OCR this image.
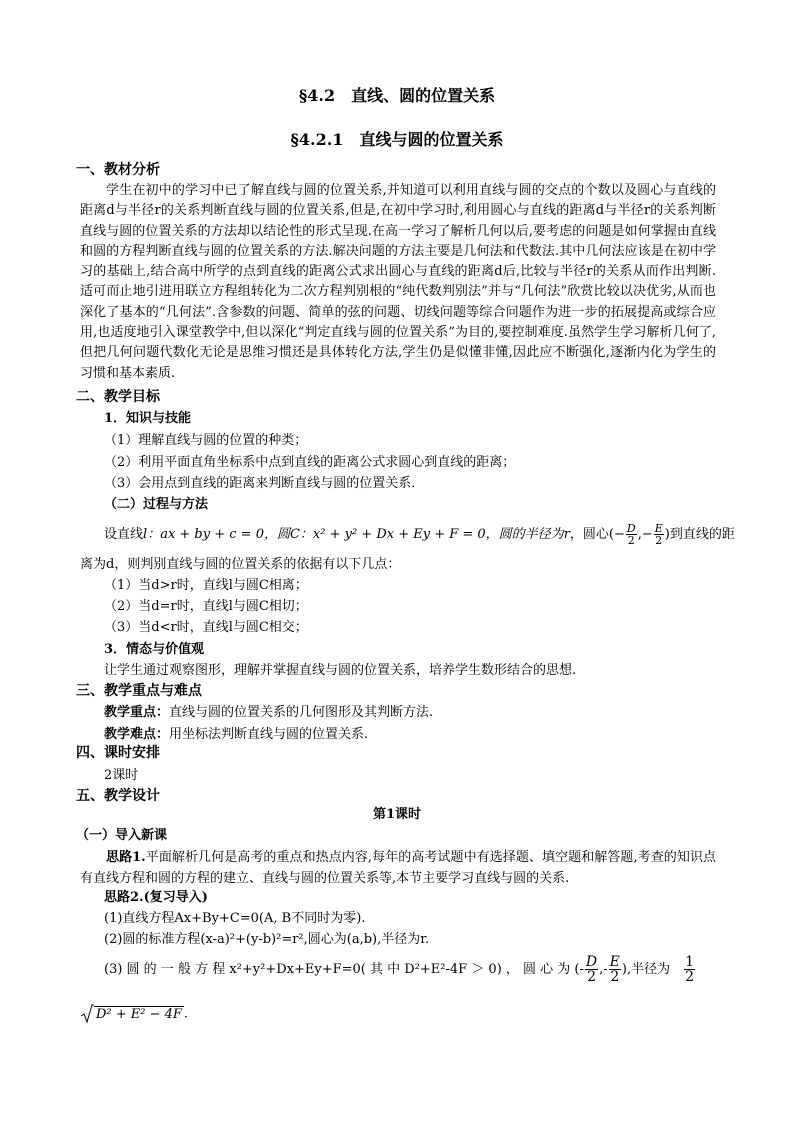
§4.2　直线、圆的位置关系
§4.2.1　直线与圆的位置关系
一、教材分析
学生在初中的学习中已了解直线与圆的位置关系,并知道可以利用直线与圆的交点的个数以及圆心与直线的距离d与半径r的关系判断直线与圆的位置关系,但是,在初中学习时,利用圆心与直线的距离d与半径r的关系判断直线与圆的位置关系的方法却以结论性的形式呈现.在高一学习了解析几何以后,要考虑的问题是如何掌握由直线和圆的方程判断直线与圆的位置关系的方法.解决问题的方法主要是几何法和代数法.其中几何法应该是在初中学习的基础上,结合高中所学的点到直线的距离公式求出圆心与直线的距离d后,比较与半径r的关系从而作出判断.适可而止地引进用联立方程组转化为二次方程判别根的“纯代数判别法”并与“几何法”欣赏比较以决优劣,从而也深化了基本的“几何法”.含参数的问题、简单的弦的问题、切线问题等综合问题作为进一步的拓展提高或综合应用,也适度地引入课堂教学中,但以深化“判定直线与圆的位置关系”为目的,要控制难度.虽然学生学习解析几何了,但把几何问题代数化无论是思维习惯还是具体转化方法,学生仍是似懂非懂,因此应不断强化,逐渐内化为学生的习惯和基本素质.
二、教学目标
1．知识与技能
（1）理解直线与圆的位置的种类；
（2）利用平面直角坐标系中点到直线的距离公式求圆心到直线的距离；
（3）会用点到直线的距离来判断直线与圆的位置关系．
（二）过程与方法
设直线l：ax + by + c = 0，圆C：x² + y² + Dx + Ey + F = 0，圆的半径为r，圆心(− $\frac{D}{2}$ ,− $\frac{E}{2}$ )到直线的距
离为d，则判别直线与圆的位置关系的依据有以下几点：
（1）当d>r时，直线l与圆C相离；
（2）当d=r时，直线l与圆C相切；
（3）当d<r时，直线l与圆C相交；
3．情态与价值观
让学生通过观察图形，理解并掌握直线与圆的位置关系，培养学生数形结合的思想.
三、教学重点与难点
教学重点：直线与圆的位置关系的几何图形及其判断方法.
教学难点：用坐标法判断直线与圆的位置关系.
四、课时安排
2课时
五、教学设计
第1课时
（一）导入新课
思路1.平面解析几何是高考的重点和热点内容,每年的高考试题中有选择题、填空题和解答题,考查的知识点有直线方程和圆的方程的建立、直线与圆的位置关系等,本节主要学习直线与圆的关系.
思路2.(复习导入)
(1)直线方程Ax+By+C=0(A, B不同时为零).
(2)圆的标准方程(x-a)²+(y-b)²=r²,圆心为(a,b),半径为r.
(3) 圆 的 一 般 方 程 x²+y²+Dx+Ey+F=0( 其 中 D²+E²-4F ＞ 0) ， 圆 心 为 (- $\frac{D}{2}$ ,- $\frac{E}{2}$ ),半径为 $\frac{1}{2}$
D² + E² − 4F .
